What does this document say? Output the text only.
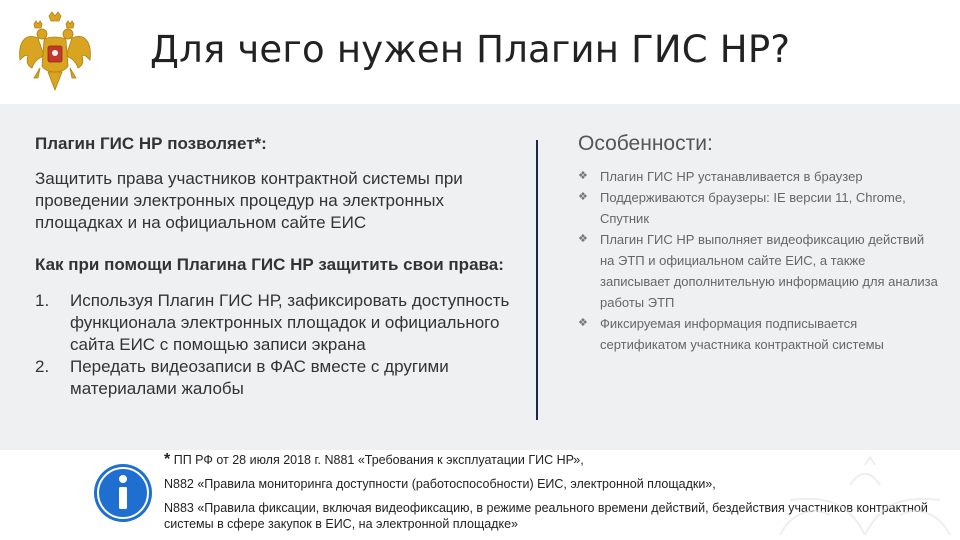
Для чего нужен Плагин ГИС НР?

Плагин ГИС НР позволяет*:

Защитить права участников контрактной системы при проведении электронных процедур на электронных площадках и на официальном сайте ЕИС

Как при помощи Плагина ГИС НР защитить свои права:

1.	Используя Плагин ГИС НР, зафиксировать доступность функционала электронных площадок и официального сайта ЕИС с помощью записи экрана
2.	Передать видеозаписи в ФАС вместе с другими материалами жалобы

Особенности:

❖ Плагин ГИС НР устанавливается в браузер
❖ Поддерживаются браузеры: IE версии 11, Chrome, Спутник
❖ Плагин ГИС НР выполняет видеофиксацию действий на ЭТП и официальном сайте ЕИС, а также записывает дополнительную информацию для анализа работы ЭТП
❖ Фиксируемая информация подписывается сертификатом участника контрактной системы

* ПП РФ от 28 июля 2018 г. N881 «Требования к эксплуатации ГИС НР»,

N882 «Правила мониторинга доступности (работоспособности) ЕИС, электронной площадки»,

N883 «Правила фиксации, включая видеофиксацию, в режиме реального времени действий, бездействия участников контрактной системы в сфере закупок в ЕИС, на электронной площадке»
